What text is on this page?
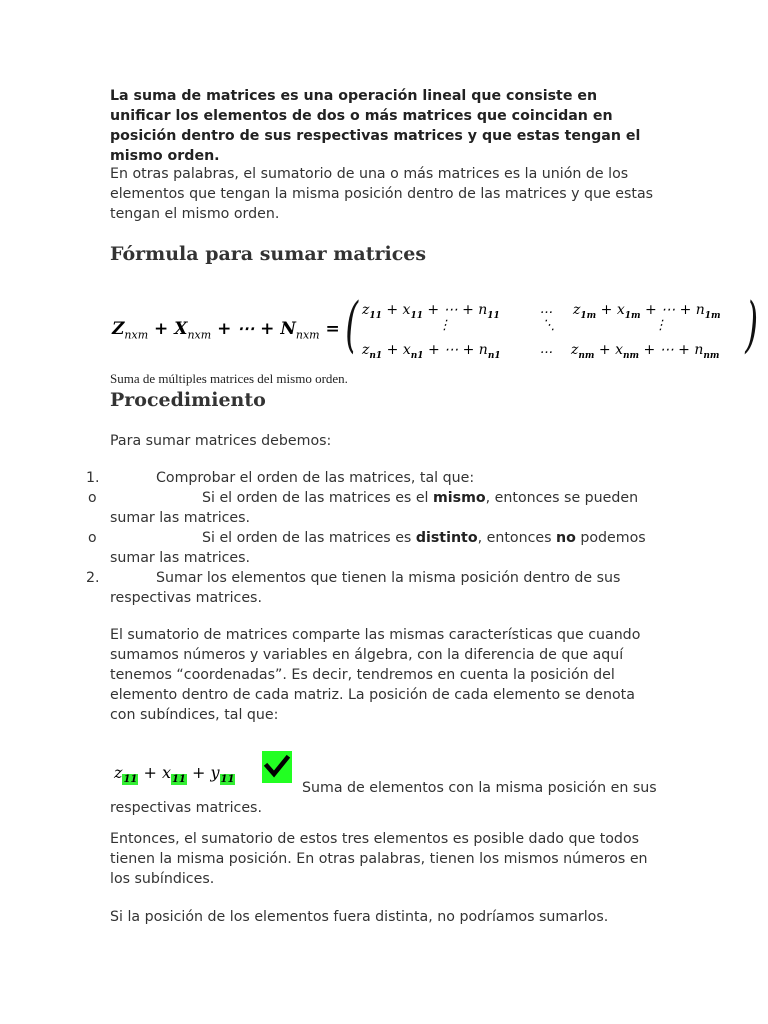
La suma de matrices es una operación lineal que consiste en unificar los elementos de dos o más matrices que coincidan en posición dentro de sus respectivas matrices y que estas tengan el mismo orden.

En otras palabras, el sumatorio de una o más matrices es la unión de los elementos que tengan la misma posición dentro de las matrices y que estas tengan el mismo orden.

Fórmula para sumar matrices
$Z_{nxm} + X_{nxm}$ + ⋯ + $N_{nxm}$ = ( $z_{11} + x_{11}$ + ⋯ + $n_{11}$	… $z_{1m} + x_{1m}$ + ⋯ + $n_{1m}$
⋮	⋱	⋮
$z_{n1} + x_{n1}$ + ⋯ + $n_{n1}$	… $z_{nm} + x_{nm}$ + ⋯ + $n_{nm}$ )

Suma de múltiples matrices del mismo orden.

Procedimiento

Para sumar matrices debemos:

1.	Comprobar el orden de las matrices, tal que:

o	Si el orden de las matrices es el mismo, entonces se pueden sumar las matrices.

o	Si el orden de las matrices es distinto, entonces no podemos sumar las matrices.

2.	Sumar los elementos que tienen la misma posición dentro de sus respectivas matrices.

El sumatorio de matrices comparte las mismas características que cuando sumamos números y variables en álgebra, con la diferencia de que aquí tenemos “coordenadas”. Es decir, tendremos en cuenta la posición del elemento dentro de cada matriz. La posición de cada elemento se denota con subíndices, tal que:

$z_{11} + x_{11} + y_{11}$

Suma de elementos con la misma posición en sus respectivas matrices.

Entonces, el sumatorio de estos tres elementos es posible dado que todos tienen la misma posición. En otras palabras, tienen los mismos números en los subíndices.

Si la posición de los elementos fuera distinta, no podríamos sumarlos.
